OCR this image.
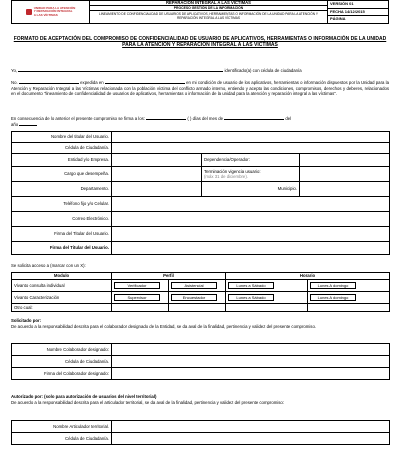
UNIDAD PARA LA ATENCIÓN
Y REPARACIÓN INTEGRAL
A LAS VÍCTIMAS
REPARACIÓN INTEGRAL A LAS VÍCTIMAS
PROCESO GESTIÓN DE LA INFORMACIÓN
LINEAMIENTO DE CONFIDENCIALIDAD DE USUARIOS DE APLICATIVOS, HERRAMIENTAS O INFORMACIÓN DE LA UNIDAD PARA LA ATENCIÓN Y REPARACIÓN INTEGRAL A LAS VÍCTIMAS
VERSIÓN 01
FECHA 14/12/2015
PÁGINA
FORMATO DE ACEPTACIÓN DEL COMPROMISO DE CONFIDENCIALIDAD DE USUARIO DE APLICATIVOS, HERRAMIENTAS O INFORMACIÓN DE LA UNIDAD PARA LA ATENCIÓN Y REPARACIÓN INTEGRAL A LAS VÍCTIMAS
Yo,	identificado(a) con cédula de ciudadanía
No.	expedida en	en mi condición de usuario de los aplicativos, herramientas o información dispuestos por la Unidad para la Atención y Reparación Integral a las Víctimas relacionada con la población víctima del conflicto armado interno, entiendo y acepto las condiciones, compromisos, derechos y deberes, relacionados en el documento "lineamiento de confidencialidad de usuarios de aplicativos, herramientas o información de la unidad para la atención y reparación integral a las víctimas".
En consecuencia de lo anterior el presente compromiso se firma a los:	( ) días del mes de	del
año
Nombre del titular del Usuario.			
Cédula de Ciudadanía.			
Entidad y/o Empresa.		Dependencia/Operador:	
Cargo que desempeña.		Terminación vigencia usuario:
(máx 31 de diciembre).	

Departamento.		Municipio.	
Teléfono fijo y/o Celular.			
Correo Electrónico.			
Firma del Titular del Usuario.			
Firma del Titular del Usuario.			
Se solicita acceso a (marcar con un X):
Modulo	Perfil		Horario	
Vivanto consulta individual	Verificador	Asistencial	Lunes a Sábado	Lunes A domingo
Vivanto Caracterización	Supervisor	Encuestador	Lunes a Sábado	Lunes A domingo
Otro cual:				
Solicitado por:
De acuerdo a la responsabilidad descrita para el colaborador designado de la Entidad, se da aval de la finalidad, pertinencia y validez del presente compromiso.
Nombre Colaborador designado:	
Cédula de Ciudadanía.	
Firma del Colaborador designado:	
Autorizado por: (solo para autorización de usuarios del nivel territorial)
De acuerdo a la responsabilidad descrita para el articulador territorial, se da aval de la finalidad, pertinencia y validez del presente compromiso:
Nombre Articulador territorial.	
Cédula de Ciudadanía.	
